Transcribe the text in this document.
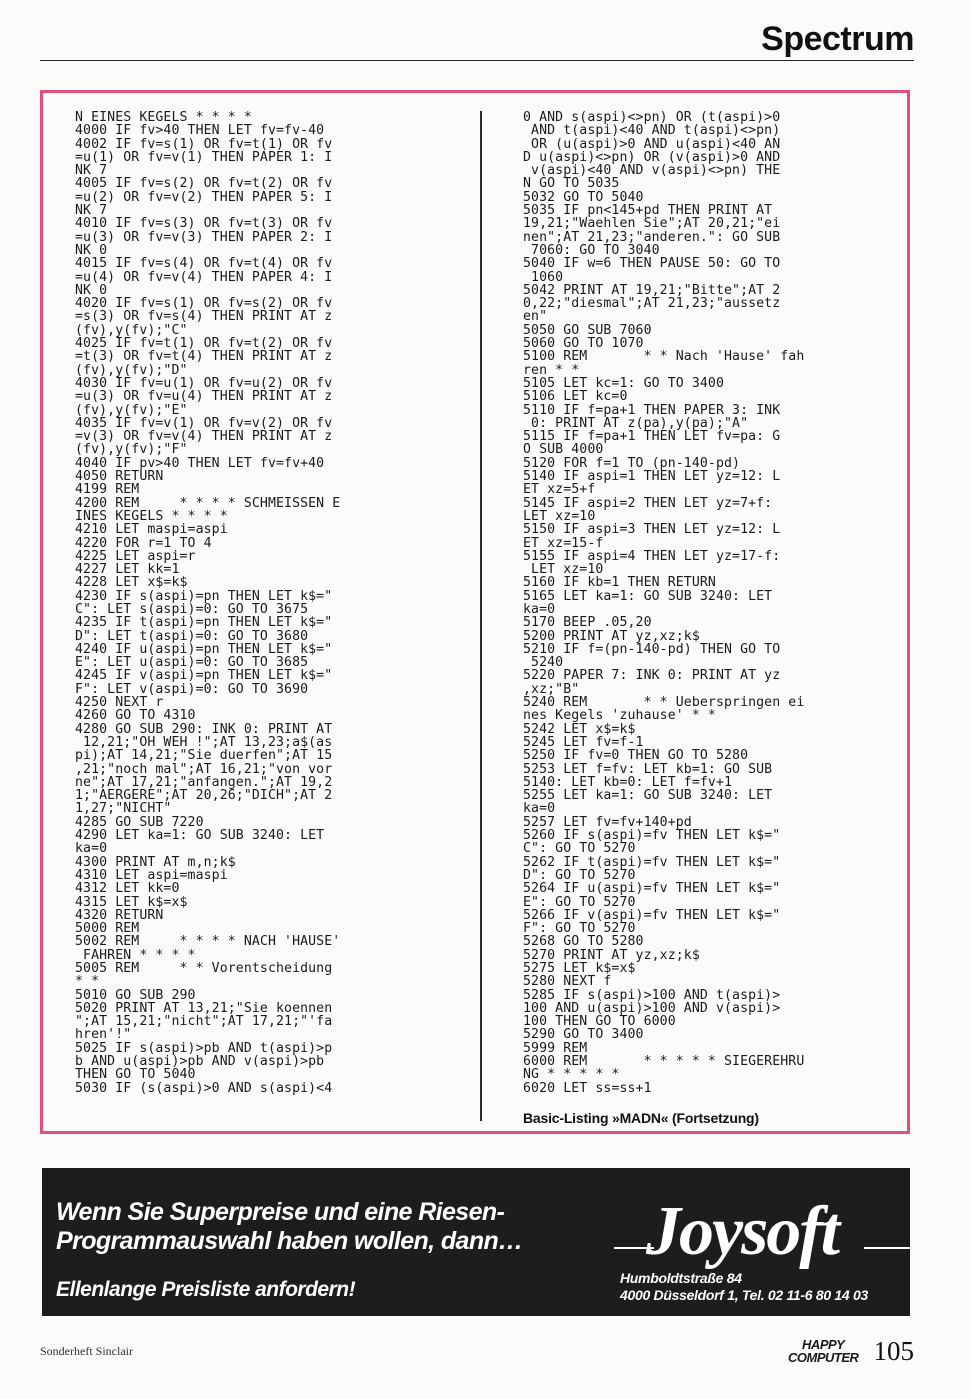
Spectrum
N EINES KEGELS * * * *
4000 IF fv>40 THEN LET fv=fv-40
4002 IF fv=s(1) OR fv=t(1) OR fv
=u(1) OR fv=v(1) THEN PAPER 1: I
NK 7
4005 IF fv=s(2) OR fv=t(2) OR fv
=u(2) OR fv=v(2) THEN PAPER 5: I
NK 7
4010 IF fv=s(3) OR fv=t(3) OR fv
=u(3) OR fv=v(3) THEN PAPER 2: I
NK 0
4015 IF fv=s(4) OR fv=t(4) OR fv
=u(4) OR fv=v(4) THEN PAPER 4: I
NK 0
4020 IF fv=s(1) OR fv=s(2) OR fv
=s(3) OR fv=s(4) THEN PRINT AT z
(fv),y(fv);"C"
4025 IF fv=t(1) OR fv=t(2) OR fv
=t(3) OR fv=t(4) THEN PRINT AT z
(fv),y(fv);"D"
4030 IF fv=u(1) OR fv=u(2) OR fv
=u(3) OR fv=u(4) THEN PRINT AT z
(fv),y(fv);"E"
4035 IF fv=v(1) OR fv=v(2) OR fv
=v(3) OR fv=v(4) THEN PRINT AT z
(fv),y(fv);"F"
4040 IF pv>40 THEN LET fv=fv+40
4050 RETURN
4199 REM
4200 REM     * * * * SCHMEISSEN E
INES KEGELS * * * *
4210 LET maspi=aspi
4220 FOR r=1 TO 4
4225 LET aspi=r
4227 LET kk=1
4228 LET x$=k$
4230 IF s(aspi)=pn THEN LET k$="
C": LET s(aspi)=0: GO TO 3675
4235 IF t(aspi)=pn THEN LET k$="
D": LET t(aspi)=0: GO TO 3680
4240 IF u(aspi)=pn THEN LET k$="
E": LET u(aspi)=0: GO TO 3685
4245 IF v(aspi)=pn THEN LET k$="
F": LET v(aspi)=0: GO TO 3690
4250 NEXT r
4260 GO TO 4310
4280 GO SUB 290: INK 0: PRINT AT
12,21;"OH WEH !";AT 13,23;a$(as
pi);AT 14,21;"Sie duerfen";AT 15
,21;"noch mal";AT 16,21;"von vor
ne";AT 17,21;"anfangen.";AT 19,2
1;"AERGERE";AT 20,26;"DICH";AT 2
1,27;"NICHT"
4285 GO SUB 7220
4290 LET ka=1: GO SUB 3240: LET
ka=0
4300 PRINT AT m,n;k$
4310 LET aspi=maspi
4312 LET kk=0
4315 LET k$=x$
4320 RETURN
5000 REM
5002 REM     * * * * NACH 'HAUSE'
FAHREN * * * *
5005 REM     * * Vorentscheidung
* *
5010 GO SUB 290
5020 PRINT AT 13,21;"Sie koennen
";AT 15,21;"nicht";AT 17,21;"'fa
hren'!"
5025 IF s(aspi)>pb AND t(aspi)>p
b AND u(aspi)>pb AND v(aspi)>pb
THEN GO TO 5040
5030 IF (s(aspi)>0 AND s(aspi)<4
0 AND s(aspi)<>pn) OR (t(aspi)>0
AND t(aspi)<40 AND t(aspi)<>pn)
OR (u(aspi)>0 AND u(aspi)<40 AN
D u(aspi)<>pn) OR (v(aspi)>0 AND
v(aspi)<40 AND v(aspi)<>pn) THE
N GO TO 5035
5032 GO TO 5040
5035 IF pn<145+pd THEN PRINT AT
19,21;"Waehlen Sie";AT 20,21;"ei
nen";AT 21,23;"anderen.": GO SUB
7060: GO TO 3040
5040 IF w=6 THEN PAUSE 50: GO TO
1060
5042 PRINT AT 19,21;"Bitte";AT 2
0,22;"diesmal";AT 21,23;"aussetz
en"
5050 GO SUB 7060
5060 GO TO 1070
5100 REM       * * Nach 'Hause' fah
ren * *
5105 LET kc=1: GO TO 3400
5106 LET kc=0
5110 IF f=pa+1 THEN PAPER 3: INK
0: PRINT AT z(pa),y(pa);"A"
5115 IF f=pa+1 THEN LET fv=pa: G
O SUB 4000
5120 FOR f=1 TO (pn-140-pd)
5140 IF aspi=1 THEN LET yz=12: L
ET xz=5+f
5145 IF aspi=2 THEN LET yz=7+f:
LET xz=10
5150 IF aspi=3 THEN LET yz=12: L
ET xz=15-f
5155 IF aspi=4 THEN LET yz=17-f:
LET xz=10
5160 IF kb=1 THEN RETURN
5165 LET ka=1: GO SUB 3240: LET
ka=0
5170 BEEP .05,20
5200 PRINT AT yz,xz;k$
5210 IF f=(pn-140-pd) THEN GO TO
5240
5220 PAPER 7: INK 0: PRINT AT yz
,xz;"B"
5240 REM       * * Ueberspringen ei
nes Kegels 'zuhause' * *
5242 LET x$=k$
5245 LET fv=f-1
5250 IF fv=0 THEN GO TO 5280
5253 LET f=fv: LET kb=1: GO SUB
5140: LET kb=0: LET f=fv+1
5255 LET ka=1: GO SUB 3240: LET
ka=0
5257 LET fv=fv+140+pd
5260 IF s(aspi)=fv THEN LET k$="
C": GO TO 5270
5262 IF t(aspi)=fv THEN LET k$="
D": GO TO 5270
5264 IF u(aspi)=fv THEN LET k$="
E": GO TO 5270
5266 IF v(aspi)=fv THEN LET k$="
F": GO TO 5270
5268 GO TO 5280
5270 PRINT AT yz,xz;k$
5275 LET k$=x$
5280 NEXT f
5285 IF s(aspi)>100 AND t(aspi)>
100 AND u(aspi)>100 AND v(aspi)>
100 THEN GO TO 6000
5290 GO TO 3400
5999 REM
6000 REM       * * * * * SIEGEREHRU
NG * * * * *
6020 LET ss=ss+1
Basic-Listing »MADN« (Fortsetzung)
Wenn Sie Superpreise und eine Riesen-
Programmauswahl haben wollen, dann…
Ellenlange Preisliste anfordern!
Joysoft
Humboldtstraße 84
4000 Düsseldorf 1, Tel. 02 11-6 80 14 03
Sonderheft Sinclair	HAPPY
COMPUTER 105
